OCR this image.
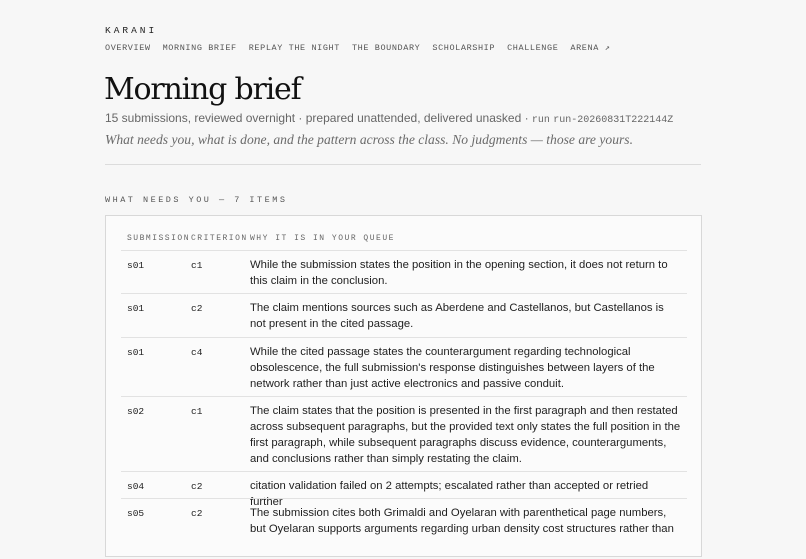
KARANI
OVERVIEW MORNING BRIEF REPLAY THE NIGHT THE BOUNDARY SCHOLARSHIP CHALLENGE ARENA ↗
Morning brief
15 submissions, reviewed overnight · prepared unattended, delivered unasked · run run-20260831T222144Z

What needs you, what is done, and the pattern across the class. No judgments — those are yours.

WHAT NEEDS YOU — 7 ITEMS
SUBMISSION CRITERION WHY IT IS IN YOUR QUEUE
s01	c1	While the submission states the position in the opening section, it does not return to this claim in the conclusion.
s01	c2	The claim mentions sources such as Aberdene and Castellanos, but Castellanos is not present in the cited passage.
s01	c4	While the cited passage states the counterargument regarding technological obsolescence, the full submission's response distinguishes between layers of the network rather than just active electronics and passive conduit.
s02	c1	The claim states that the position is presented in the first paragraph and then restated across subsequent paragraphs, but the provided text only states the full position in the first paragraph, while subsequent paragraphs discuss evidence, counterarguments, and conclusions rather than simply restating the claim.
s04	c2	citation validation failed on 2 attempts; escalated rather than accepted or retried further
s05	c2	The submission cites both Grimaldi and Oyelaran with parenthetical page numbers, but Oyelaran supports arguments regarding urban density cost structures rather than
